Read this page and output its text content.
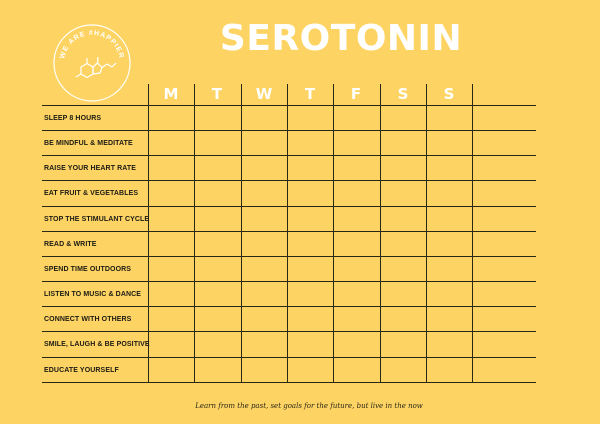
WE ARE #HAPPIER	SEROTONIN
M	T	W	T	F	S	S
SLEEP 8 HOURS
BE MINDFUL & MEDITATE
RAISE YOUR HEART RATE
EAT FRUIT & VEGETABLES
STOP THE STIMULANT CYCLE
READ & WRITE
SPEND TIME OUTDOORS
LISTEN TO MUSIC & DANCE
CONNECT WITH OTHERS
SMILE, LAUGH & BE POSITIVE
EDUCATE YOURSELF
Learn from the past, set goals for the future, but live in the now
